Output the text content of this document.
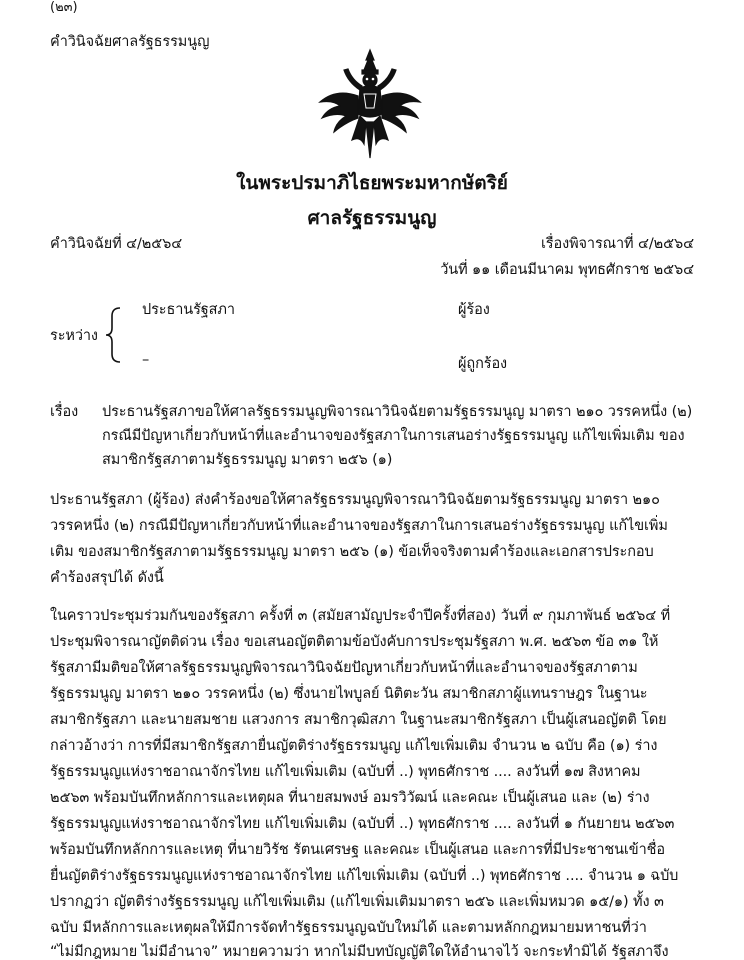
(๒๓)
คำวินิจฉัยศาลรัฐธรรมนูญ
ในพระปรมาภิไธยพระมหากษัตริย์
ศาลรัฐธรรมนูญ
คำวินิจฉัยที่ ๔/๒๕๖๔	เรื่องพิจารณาที่ ๔/๒๕๖๔
วันที่ ๑๑ เดือนมีนาคม พุทธศักราช ๒๕๖๔
ประธานรัฐสภา	ผู้ร้อง
ระหว่าง
–	ผู้ถูกร้อง
เรื่อง ประธานรัฐสภาขอให้ศาลรัฐธรรมนูญพิจารณาวินิจฉัยตามรัฐธรรมนูญ มาตรา ๒๑๐ วรรคหนึ่ง (๒)
กรณีมีปัญหาเกี่ยวกับหน้าที่และอำนาจของรัฐสภาในการเสนอร่างรัฐธรรมนูญ แก้ไขเพิ่มเติม ของ
สมาชิกรัฐสภาตามรัฐธรรมนูญ มาตรา ๒๕๖ (๑)
ประธานรัฐสภา (ผู้ร้อง) ส่งคำร้องขอให้ศาลรัฐธรรมนูญพิจารณาวินิจฉัยตามรัฐธรรมนูญ มาตรา ๒๑๐
วรรคหนึ่ง (๒) กรณีมีปัญหาเกี่ยวกับหน้าที่และอำนาจของรัฐสภาในการเสนอร่างรัฐธรรมนูญ แก้ไขเพิ่ม
เติม ของสมาชิกรัฐสภาตามรัฐธรรมนูญ มาตรา ๒๕๖ (๑) ข้อเท็จจริงตามคำร้องและเอกสารประกอบ
คำร้องสรุปได้ ดังนี้
ในคราวประชุมร่วมกันของรัฐสภา ครั้งที่ ๓ (สมัยสามัญประจำปีครั้งที่สอง) วันที่ ๙ กุมภาพันธ์ ๒๕๖๔ ที่
ประชุมพิจารณาญัตติด่วน เรื่อง ขอเสนอญัตติตามข้อบังคับการประชุมรัฐสภา พ.ศ. ๒๕๖๓ ข้อ ๓๑ ให้
รัฐสภามีมติขอให้ศาลรัฐธรรมนูญพิจารณาวินิจฉัยปัญหาเกี่ยวกับหน้าที่และอำนาจของรัฐสภาตาม
รัฐธรรมนูญ มาตรา ๒๑๐ วรรคหนึ่ง (๒) ซึ่งนายไพบูลย์ นิติตะวัน สมาชิกสภาผู้แทนราษฎร ในฐานะ
สมาชิกรัฐสภา และนายสมชาย แสวงการ สมาชิกวุฒิสภา ในฐานะสมาชิกรัฐสภา เป็นผู้เสนอญัตติ โดย
กล่าวอ้างว่า การที่มีสมาชิกรัฐสภายื่นญัตติร่างรัฐธรรมนูญ แก้ไขเพิ่มเติม จำนวน ๒ ฉบับ คือ (๑) ร่าง
รัฐธรรมนูญแห่งราชอาณาจักรไทย แก้ไขเพิ่มเติม (ฉบับที่ ..) พุทธศักราช .... ลงวันที่ ๑๗ สิงหาคม
๒๕๖๓ พร้อมบันทึกหลักการและเหตุผล ที่นายสมพงษ์ อมรวิวัฒน์ และคณะ เป็นผู้เสนอ และ (๒) ร่าง
รัฐธรรมนูญแห่งราชอาณาจักรไทย แก้ไขเพิ่มเติม (ฉบับที่ ..) พุทธศักราช .... ลงวันที่ ๑ กันยายน ๒๕๖๓
พร้อมบันทึกหลักการและเหตุ ที่นายวิรัช รัตนเศรษฐ และคณะ เป็นผู้เสนอ และการที่มีประชาชนเข้าชื่อ
ยื่นญัตติร่างรัฐธรรมนูญแห่งราชอาณาจักรไทย แก้ไขเพิ่มเติม (ฉบับที่ ..) พุทธศักราช .... จำนวน ๑ ฉบับ
ปรากฏว่า ญัตติร่างรัฐธรรมนูญ แก้ไขเพิ่มเติม (แก้ไขเพิ่มเติมมาตรา ๒๕๖ และเพิ่มหมวด ๑๕/๑) ทั้ง ๓
ฉบับ มีหลักการและเหตุผลให้มีการจัดทำรัฐธรรมนูญฉบับใหม่ได้ และตามหลักกฎหมายมหาชนที่ว่า
“ไม่มีกฎหมาย ไม่มีอำนาจ” หมายความว่า หากไม่มีบทบัญญัติใดให้อำนาจไว้ จะกระทำมิได้ รัฐสภาจึง
